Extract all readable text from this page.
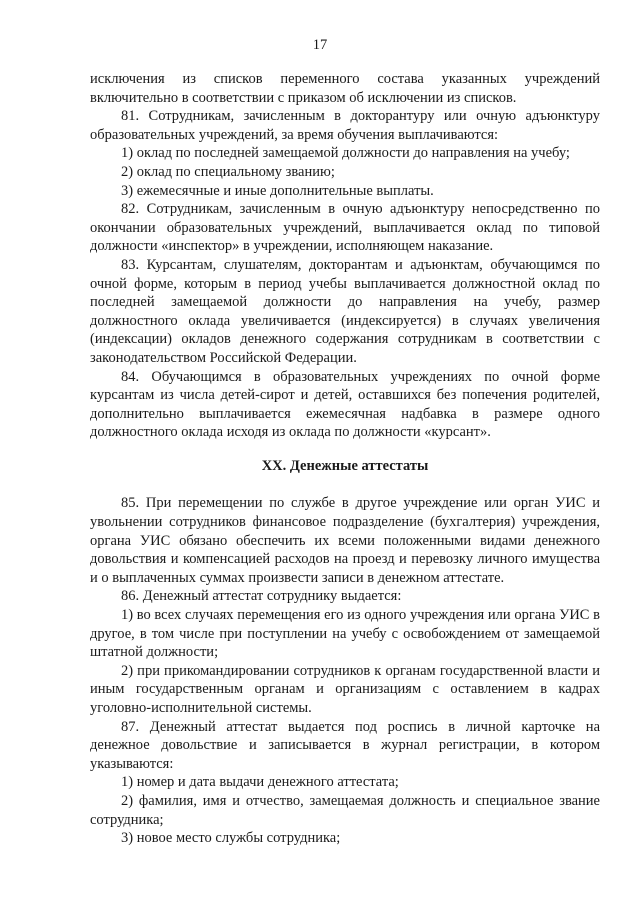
17

исключения из списков переменного состава указанных учреждений включительно в соответствии с приказом об исключении из списков.

81. Сотрудникам, зачисленным в докторантуру или очную адъюнктуру образовательных учреждений, за время обучения выплачиваются:

1) оклад по последней замещаемой должности до направления на учебу;

2) оклад по специальному званию;

3) ежемесячные и иные дополнительные выплаты.

82. Сотрудникам, зачисленным в очную адъюнктуру непосредственно по окончании образовательных учреждений, выплачивается оклад по типовой должности «инспектор» в учреждении, исполняющем наказание.

83. Курсантам, слушателям, докторантам и адъюнктам, обучающимся по очной форме, которым в период учебы выплачивается должностной оклад по последней замещаемой должности до направления на учебу, размер должностного оклада увеличивается (индексируется) в случаях увеличения (индексации) окладов денежного содержания сотрудникам в соответствии с законодательством Российской Федерации.

84. Обучающимся в образовательных учреждениях по очной форме курсантам из числа детей-сирот и детей, оставшихся без попечения родителей, дополнительно выплачивается ежемесячная надбавка в размере одного должностного оклада исходя из оклада по должности «курсант».

XX. Денежные аттестаты

85. При перемещении по службе в другое учреждение или орган УИС и увольнении сотрудников финансовое подразделение (бухгалтерия) учреждения, органа УИС обязано обеспечить их всеми положенными видами денежного довольствия и компенсацией расходов на проезд и перевозку личного имущества и о выплаченных суммах произвести записи в денежном аттестате.

86. Денежный аттестат сотруднику выдается:

1) во всех случаях перемещения его из одного учреждения или органа УИС в другое, в том числе при поступлении на учебу с освобождением от замещаемой штатной должности;

2) при прикомандировании сотрудников к органам государственной власти и иным государственным органам и организациям с оставлением в кадрах уголовно-исполнительной системы.

87. Денежный аттестат выдается под роспись в личной карточке на денежное довольствие и записывается в журнал регистрации, в котором указываются:

1) номер и дата выдачи денежного аттестата;

2) фамилия, имя и отчество, замещаемая должность и специальное звание сотрудника;

3) новое место службы сотрудника;
